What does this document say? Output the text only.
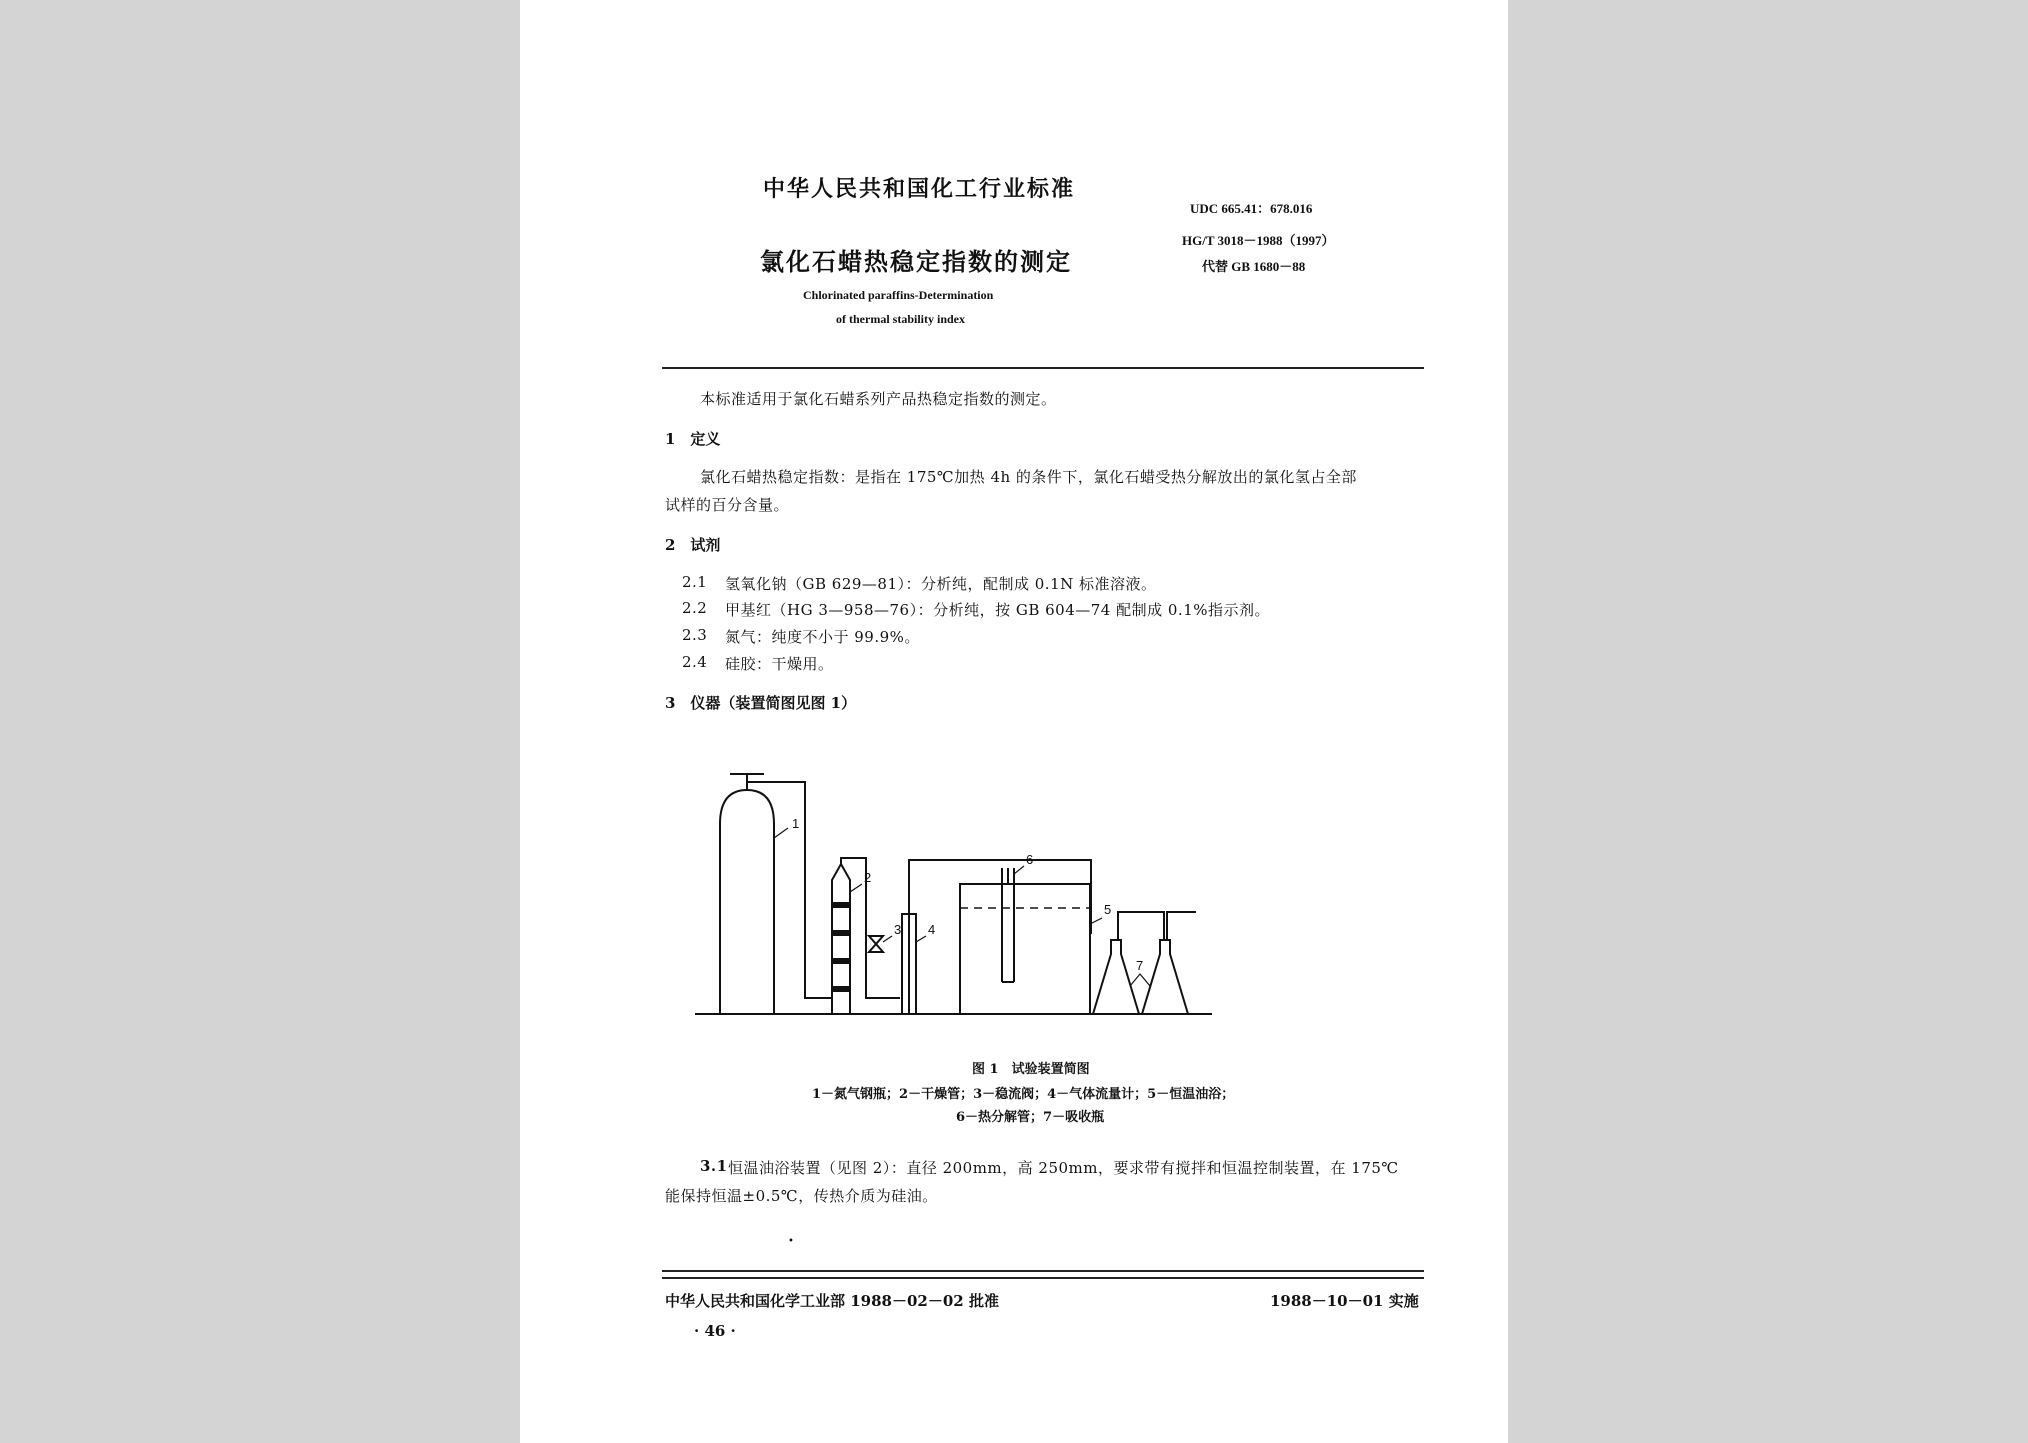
中华人民共和国化工行业标准
UDC 665.41：678.016
氯化石蜡热稳定指数的测定
HG/T 3018－1988（1997）
代替 GB 1680－88
Chlorinated paraffins-Determination
of thermal stability index
本标准适用于氯化石蜡系列产品热稳定指数的测定。
1　定义
氯化石蜡热稳定指数：是指在 175℃加热 4h 的条件下，氯化石蜡受热分解放出的氯化氢占全部
试样的百分含量。
2　试剂
2.1 氢氧化钠（GB 629—81）：分析纯，配制成 0.1N 标准溶液。
2.2 甲基红（HG 3—958—76）：分析纯，按 GB 604—74 配制成 0.1%指示剂。
2.3 氮气：纯度不小于 99.9%。
2.4 硅胶：干燥用。
3　仪器（装置简图见图 1）
1
2
3 4
5
6
7
图 1　试验装置简图
1－氮气钢瓶；2－干燥管；3－稳流阀；4－气体流量计；5－恒温油浴；
6－热分解管；7－吸收瓶
3.1 恒温油浴装置（见图 2）：直径 200mm，高 250mm，要求带有搅拌和恒温控制装置，在 175℃
能保持恒温±0.5℃，传热介质为硅油。
•
中华人民共和国化学工业部 1988－02－02 批准	1988－10－01 实施
· 46 ·
